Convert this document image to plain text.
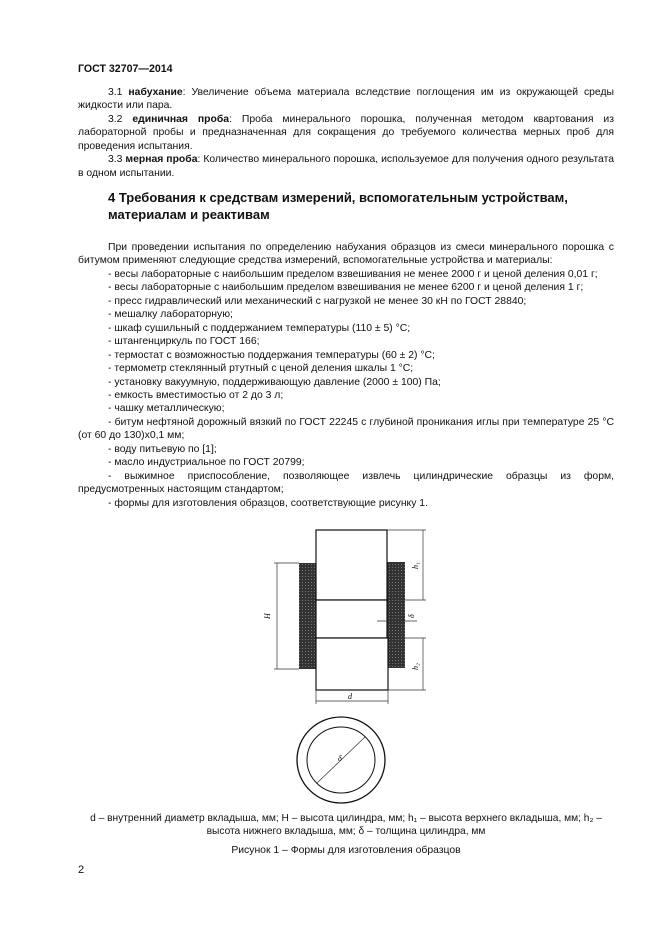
ГОСТ 32707—2014

3.1 набухание: Увеличение объема материала вследствие поглощения им из окружающей среды жидкости или пара.

3.2 единичная проба: Проба минерального порошка, полученная методом квартования из лабораторной пробы и предназначенная для сокращения до требуемого количества мерных проб для проведения испытания.

3.3 мерная проба: Количество минерального порошка, используемое для получения одного результата в одном испытании.

4 Требования к средствам измерений, вспомогательным устройствам, материалам и реактивам

При проведении испытания по определению набухания образцов из смеси минерального порошка с битумом применяют следующие средства измерений, вспомогательные устройства и материалы:

- весы лабораторные с наибольшим пределом взвешивания не менее 2000 г и ценой деления 0,01 г;

- весы лабораторные с наибольшим пределом взвешивания не менее 6200 г и ценой деления 1 г;

- пресс гидравлический или механический с нагрузкой не менее 30 кН по ГОСТ 28840;

- мешалку лабораторную;

- шкаф сушильный с поддержанием температуры (110 ± 5) °С;

- штангенциркуль по ГОСТ 166;

- термостат с возможностью поддержания температуры (60 ± 2) °С;

- термометр стеклянный ртутный с ценой деления шкалы 1 °С;

- установку вакуумную, поддерживающую давление (2000 ± 100) Па;

- емкость вместимостью от 2 до 3 л;

- чашку металлическую;

- битум нефтяной дорожный вязкий по ГОСТ 22245 с глубиной проникания иглы при температуре 25 °С (от 60 до 130)х0,1 мм;

- воду питьевую по [1];

- масло индустриальное по ГОСТ 20799;

- выжимное приспособление, позволяющее извлечь цилиндрические образцы из форм, предусмотренных настоящим стандартом;

- формы для изготовления образцов, соответствующие рисунку 1.

H
h₁
h₂
δ
d
δ
d – внутренний диаметр вкладыша, мм; H – высота цилиндра, мм; h₁ – высота верхнего вкладыша, мм; h₂ – высота нижнего вкладыша, мм; δ – толщина цилиндра, мм
Рисунок 1 – Формы для изготовления образцов
2
